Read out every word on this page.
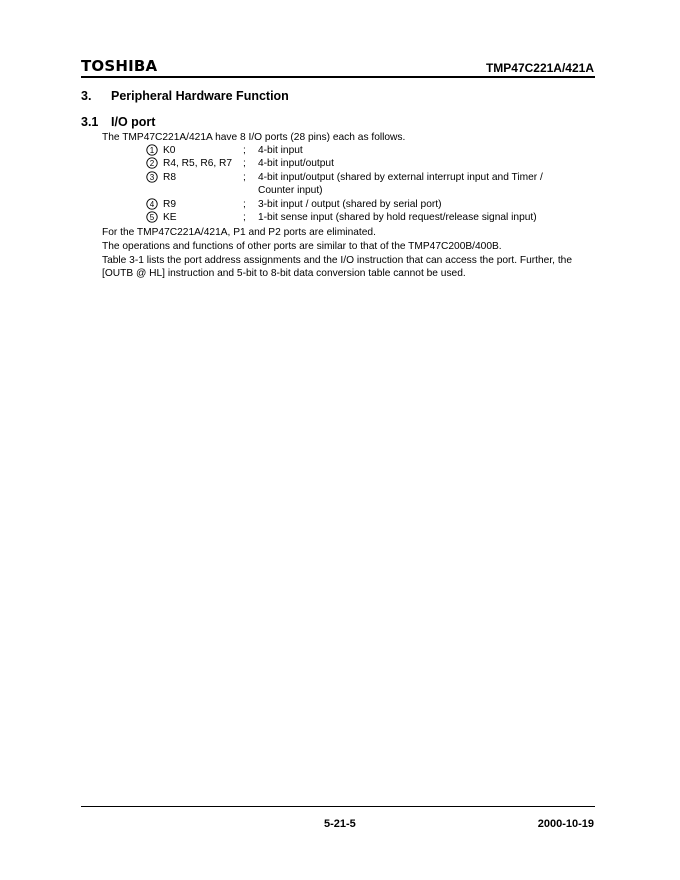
TOSHIBA	TMP47C221A/421A
3. Peripheral Hardware Function
3.1 I/O port
The TMP47C221A/421A have 8 I/O ports (28 pins) each as follows.
1 K0	; 4-bit input
2 R4, R5, R6, R7 ; 4-bit input/output
3 R8	; 4-bit input/output (shared by external interrupt input and Timer /
Counter input)
4 R9	; 3-bit input / output (shared by serial port)
5 KE	; 1-bit sense input (shared by hold request/release signal input)
For the TMP47C221A/421A, P1 and P2 ports are eliminated.
The operations and functions of other ports are similar to that of the TMP47C200B/400B.
Table 3-1 lists the port address assignments and the I/O instruction that can access the port. Further, the
[OUTB @ HL] instruction and 5-bit to 8-bit data conversion table cannot be used.
5-21-5	2000-10-19
